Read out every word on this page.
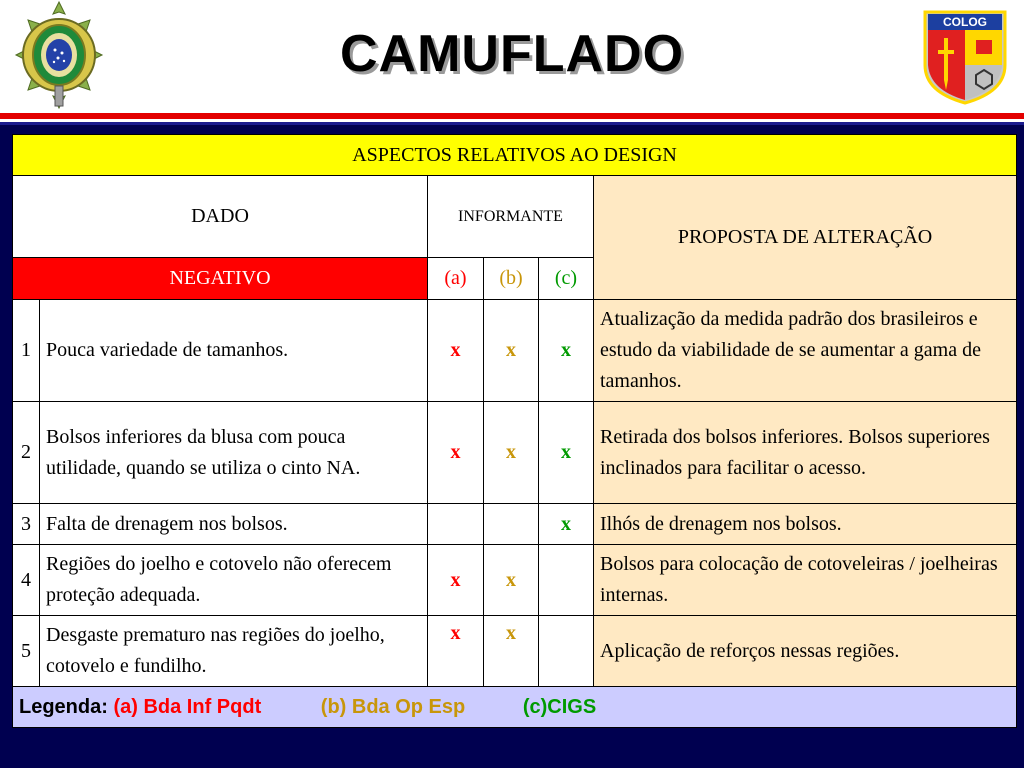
CAMUFLADO
COLOG
ASPECTOS RELATIVOS AO DESIGN					
DADO		INFORMANTE			PROPOSTA DE ALTERAÇÃO
NEGATIVO		(a)	(b)	(c)	
1	Pouca variedade de tamanhos.	x	x	x	Atualização da medida padrão dos brasileiros e estudo da viabilidade de se aumentar a gama de tamanhos.
2	Bolsos inferiores da blusa com pouca utilidade, quando se utiliza o cinto NA.	x	x	x	Retirada dos bolsos inferiores. Bolsos superiores inclinados para facilitar o acesso.
3	Falta de drenagem nos bolsos.			x	Ilhós de drenagem nos bolsos.
4	Regiões do joelho e cotovelo não oferecem proteção adequada.	x	x		Bolsos para colocação de cotoveleiras / joelheiras internas.
5	Desgaste prematuro nas regiões do joelho, cotovelo e fundilho.	x	x		Aplicação de reforços nessas regiões.
Legenda: (a) Bda Inf Pqdt (b) Bda Op Esp (c)CIGS					
